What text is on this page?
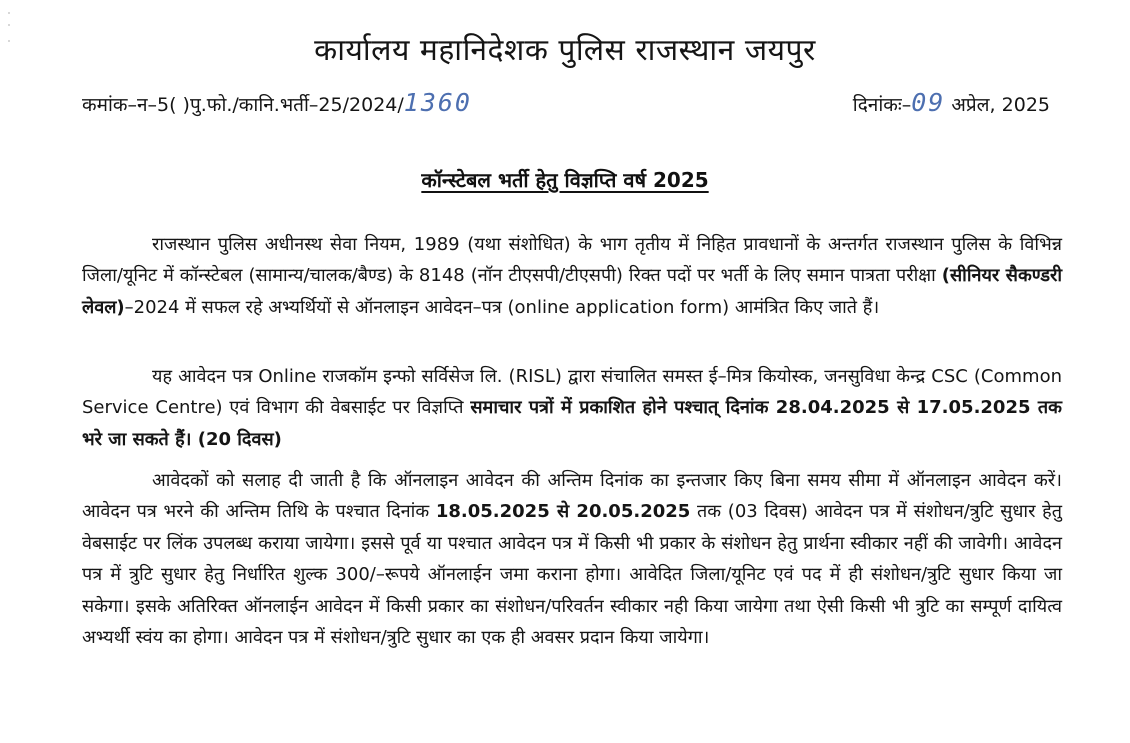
कार्यालय महानिदेशक पुलिस राजस्थान जयपुर
कमांक–न–5( )पु.फो./कानि.भर्ती–25/2024/1360	दिनांकः–09 अप्रेल, 2025
कॉन्स्टेबल भर्ती हेतु विज्ञप्ति वर्ष 2025
राजस्थान पुलिस अधीनस्थ सेवा नियम, 1989 (यथा संशोधित) के भाग तृतीय में निहित प्रावधानों के अन्तर्गत राजस्थान पुलिस के विभिन्न जिला/यूनिट में कॉन्स्टेबल (सामान्य/चालक/बैण्ड) के 8148 (नॉन टीएसपी/टीएसपी) रिक्त पदों पर भर्ती के लिए समान पात्रता परीक्षा (सीनियर सैकण्डरी लेवल)–2024 में सफल रहे अभ्यर्थियों से ऑनलाइन आवेदन–पत्र (online application form) आमंत्रित किए जाते हैं।
यह आवेदन पत्र Online राजकॉम इन्फो सर्विसेज लि. (RISL) द्वारा संचालित समस्त ई–मित्र कियोस्क, जनसुविधा केन्द्र CSC (Common Service Centre) एवं विभाग की वेबसाईट पर विज्ञप्ति समाचार पत्रों में प्रकाशित होने पश्चात् दिनांक 28.04.2025 से 17.05.2025 तक भरे जा सकते हैं। (20 दिवस)
आवेदकों को सलाह दी जाती है कि ऑनलाइन आवेदन की अन्तिम दिनांक का इन्तजार किए बिना समय सीमा में ऑनलाइन आवेदन करें। आवेदन पत्र भरने की अन्तिम तिथि के पश्चात दिनांक 18.05.2025 से 20.05.2025 तक (03 दिवस) आवेदन पत्र में संशोधन/त्रुटि सुधार हेतु वेबसाईट पर लिंक उपलब्ध कराया जायेगा। इससे पूर्व या पश्चात आवेदन पत्र में किसी भी प्रकार के संशोधन हेतु प्रार्थना स्वीकार नहीं की जावेगी। आवेदन पत्र में त्रुटि सुधार हेतु निर्धारित शुल्क 300/–रूपये ऑनलाईन जमा कराना होगा। आवेदित जिला/यूनिट एवं पद में ही संशोधन/त्रुटि सुधार किया जा सकेगा। इसके अतिरिक्त ऑनलाईन आवेदन में किसी प्रकार का संशोधन/परिवर्तन स्वीकार नही किया जायेगा तथा ऐसी किसी भी त्रुटि का सम्पूर्ण दायित्व अभ्यर्थी स्वंय का होगा। आवेदन पत्र में संशोधन/त्रुटि सुधार का एक ही अवसर प्रदान किया जायेगा।
